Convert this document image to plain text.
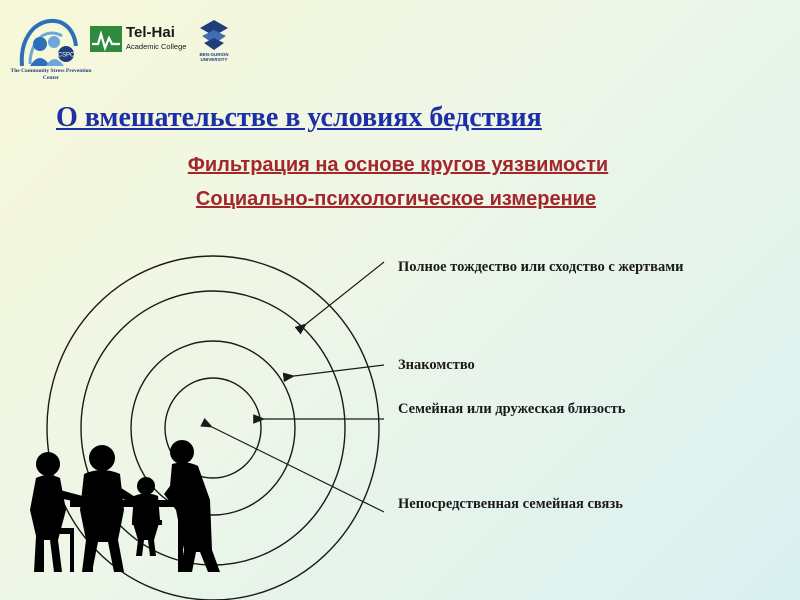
CSPC
The Community Stress Prevention Center
Tel-Hai
Academic College
BEN-GURION UNIVERSITY
О вмешательстве в условиях бедствия
Фильтрация на основе кругов уязвимости
Социально-психологическое измерение
Полное тождество или сходство с жертвами
Знакомство
Семейная или дружеская близость
Непосредственная семейная связь
